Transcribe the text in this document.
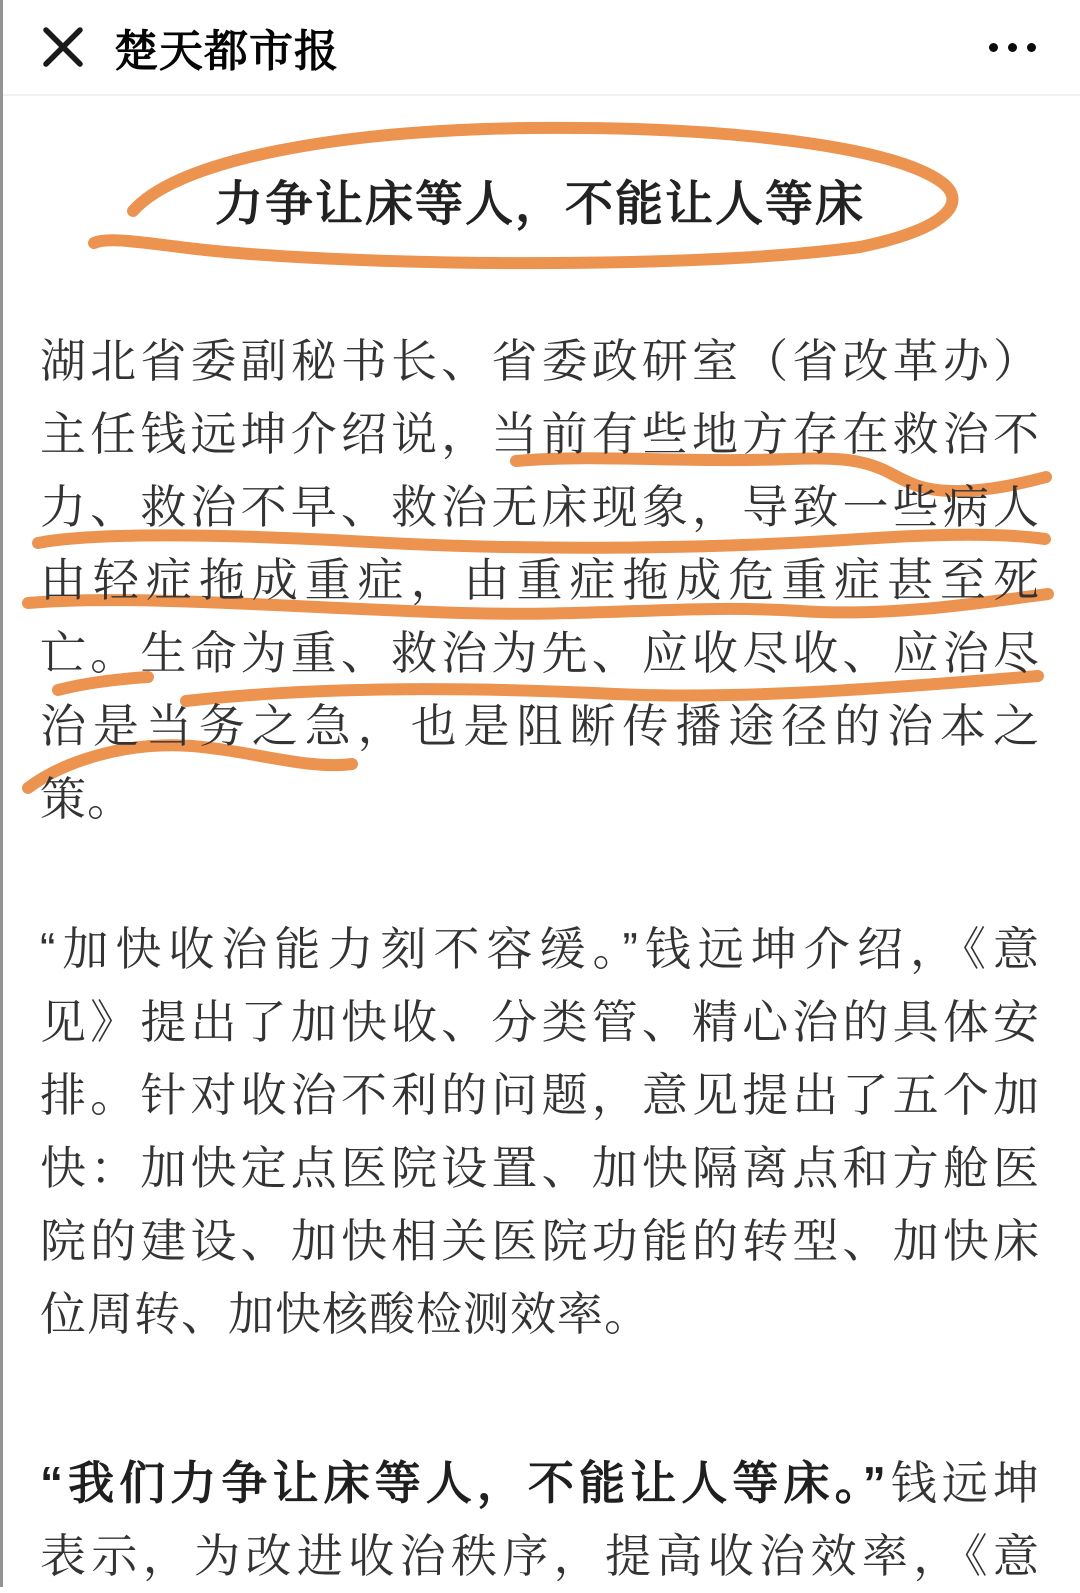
楚天都市报
力争让床等人，不能让人等床
湖北省委副秘书长、省委政研室（省改革办）
主任钱远坤介绍说，当前有些地方存在救治不
力、救治不早、救治无床现象，导致一些病人
由轻症拖成重症，由重症拖成危重症甚至死
亡。生命为重、救治为先、应收尽收、应治尽
治是当务之急，也是阻断传播途径的治本之
策。
“加快收治能力刻不容缓。”钱远坤介绍，《意
见》提出了加快收、分类管、精心治的具体安
排。针对收治不利的问题，意见提出了五个加
快：加快定点医院设置、加快隔离点和方舱医
院的建设、加快相关医院功能的转型、加快床
位周转、加快核酸检测效率。
“我们力争让床等人，不能让人等床。”钱远坤
表示，为改进收治秩序，提高收治效率，《意
